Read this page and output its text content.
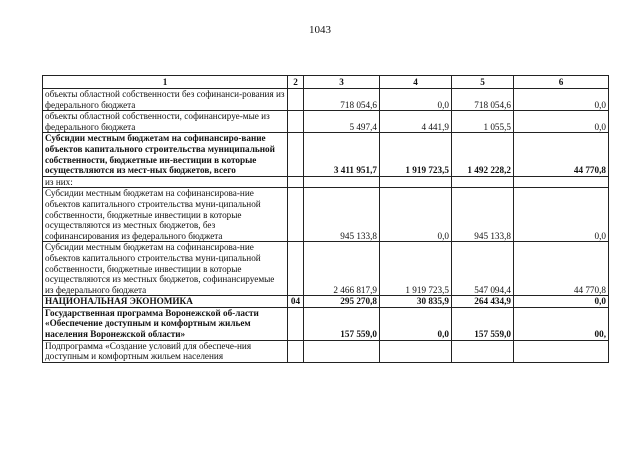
1043
1	2	3	4	5	6
объекты областной собственности без софинанси-рования из федерального бюджета		718 054,6	0,0	718 054,6	0,0
объекты областной собственности, софинансируе-мые из федерального бюджета		5 497,4	4 441,9	1 055,5	0,0
Субсидии местным бюджетам на софинансиро-вание объектов капитального строительства муниципальной собственности, бюджетные ин-вестиции в которые осуществляются из мест-ных бюджетов, всего		3 411 951,7	1 919 723,5	1 492 228,2	44 770,8
из них:					
Субсидии местным бюджетам на софинансирова-ние объектов капитального строительства муни-ципальной собственности, бюджетные инвестиции в которые осуществляются из местных бюджетов, без софинансирования из федерального бюджета		945 133,8	0,0	945 133,8	0,0
Субсидии местным бюджетам на софинансирова-ние объектов капитального строительства муни-ципальной собственности, бюджетные инвестиции в которые осуществляются из местных бюджетов, софинансируемые из федерального бюджета		2 466 817,9	1 919 723,5	547 094,4	44 770,8
НАЦИОНАЛЬНАЯ ЭКОНОМИКА	04	295 270,8	30 835,9	264 434,9	0,0
Государственная программа Воронежской об-ласти «Обеспечение доступным и комфортным жильем населения Воронежской области»		157 559,0	0,0	157 559,0	00,
Подпрограмма «Создание условий для обеспече-ния доступным и комфортным жильем населения					
